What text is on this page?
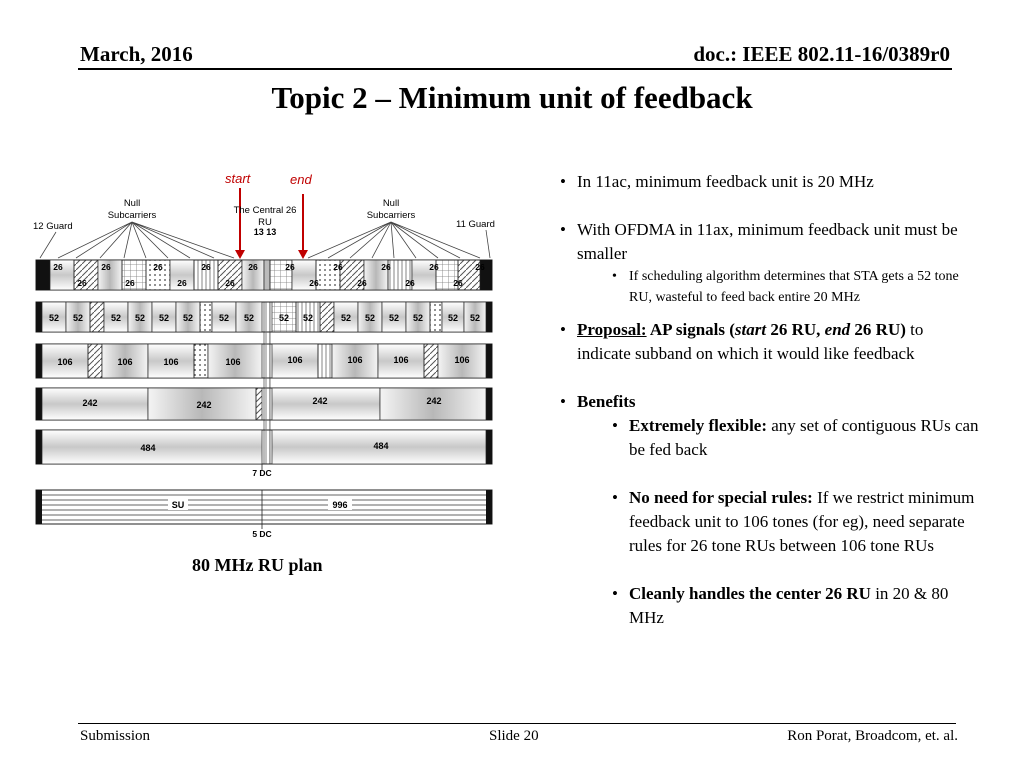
March, 2016	doc.: IEEE 802.11-16/0389r0
Topic 2 – Minimum unit of feedback
start	end
Null
Subcarriers
Null
Subcarriers
The Central 26
RU
13 13
12 Guard	11 Guard
26
26
26
26
26
26
26
26
26	26
26
26
26
26
26
26
26
26
52 52	52 52 52 52	52 52	52 52	52 52 52 52	52 52
106	106	106	106	106	106	106	106
242	242	242	242
484	484
7 DC
SU	996
5 DC
80 MHz RU plan
• In 11ac, minimum feedback unit is 20 MHz
• With OFDMA in 11ax, minimum feedback unit must be smaller
• If scheduling algorithm determines that STA gets a 52 tone RU, wasteful to feed back entire 20 MHz
• Proposal: AP signals (start 26 RU, end 26 RU) to indicate subband on which it would like feedback
• Benefits
• Extremely flexible: any set of contiguous RUs can be fed back
• No need for special rules: If we restrict minimum feedback unit to 106 tones (for eg), need separate rules for 26 tone RUs between 106 tone RUs
• Cleanly handles the center 26 RU in 20 & 80 MHz
Submission	Slide 20	Ron Porat, Broadcom, et. al.
